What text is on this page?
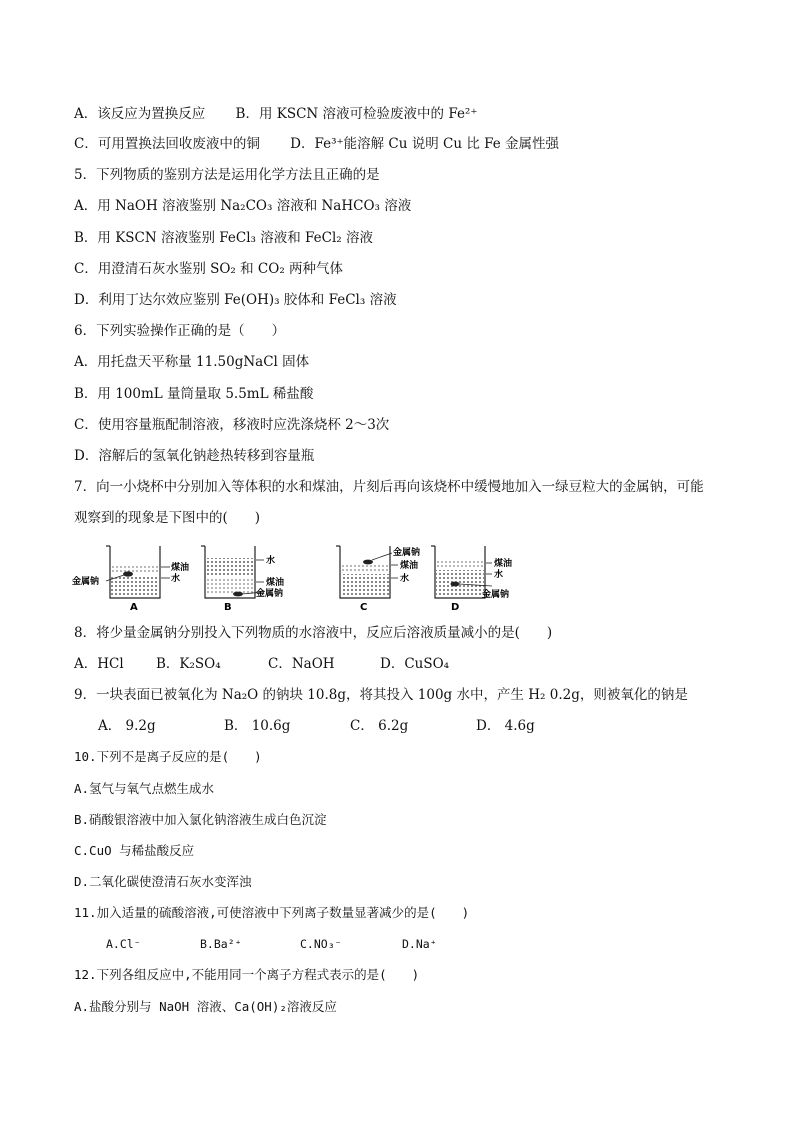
A．该反应为置换反应 B．用 KSCN 溶液可检验废液中的 Fe²⁺
C．可用置换法回收废液中的铜 D．Fe³⁺能溶解 Cu 说明 Cu 比 Fe 金属性强
5．下列物质的鉴别方法是运用化学方法且正确的是
A．用 NaOH 溶液鉴别 Na₂CO₃ 溶液和 NaHCO₃ 溶液
B．用 KSCN 溶液鉴别 FeCl₃ 溶液和 FeCl₂ 溶液
C．用澄清石灰水鉴别 SO₂ 和 CO₂ 两种气体
D．利用丁达尔效应鉴别 Fe(OH)₃ 胶体和 FeCl₃ 溶液
6．下列实验操作正确的是（　　）
A．用托盘天平称量 11.50gNaCl 固体
B．用 100mL 量筒量取 5.5mL 稀盐酸
C．使用容量瓶配制溶液，移液时应洗涤烧杯 2～3次
D．溶解后的氢氧化钠趁热转移到容量瓶
7．向一小烧杯中分别加入等体积的水和煤油，片刻后再向该烧杯中缓慢地加入一绿豆粒大的金属钠，可能
观察到的现象是下图中的(　　)
煤油
水
金属钠
A
水
煤油
金属钠
B
金属钠
煤油
水
C
煤油
水
金属钠
D
8．将少量金属钠分别投入下列物质的水溶液中，反应后溶液质量减小的是(　　)
A．HCl B．K₂SO₄	C．NaOH	D．CuSO₄
9．一块表面已被氧化为 Na₂O 的钠块 10.8g，将其投入 100g 水中，产生 H₂ 0.2g，则被氧化的钠是
A． 9.2g	B． 10.6g	C． 6.2g	D． 4.6g
10.下列不是离子反应的是(　　)
A.氢气与氧气点燃生成水
B.硝酸银溶液中加入氯化钠溶液生成白色沉淀
C.CuO 与稀盐酸反应
D.二氧化碳使澄清石灰水变浑浊
11.加入适量的硫酸溶液,可使溶液中下列离子数量显著减少的是(　　)
A.Cl⁻	B.Ba²⁺	C.NO₃⁻	D.Na⁺
12.下列各组反应中,不能用同一个离子方程式表示的是(　　)
A.盐酸分别与 NaOH 溶液、Ca(OH)₂溶液反应
